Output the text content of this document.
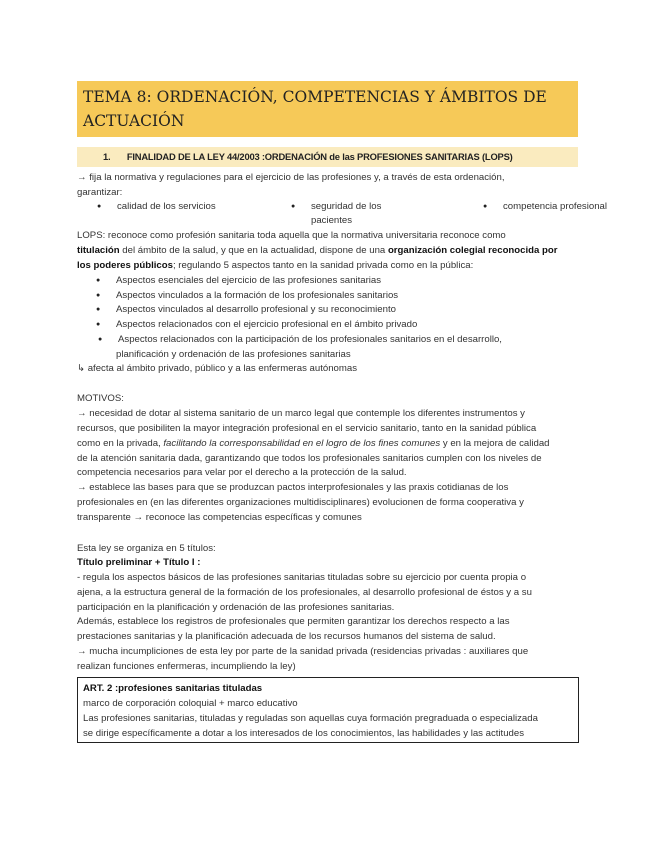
TEMA 8: ORDENACIÓN, COMPETENCIAS Y ÁMBITOS DE
ACTUACIÓN
1. FINALIDAD DE LA LEY 44/2003 :ORDENACIÓN de las PROFESIONES SANITARIAS (LOPS)
→ fija la normativa y regulaciones para el ejercicio de las profesiones y, a través de esta ordenación,
garantizar:
● calidad de los servicios
●	seguridad de los
pacientes
● competencia profesional
LOPS: reconoce como profesión sanitaria toda aquella que la normativa universitaria reconoce como
titulación del ámbito de la salud, y que en la actualidad, dispone de una organización colegial reconocida por
los poderes públicos; regulando 5 aspectos tanto en la sanidad privada como en la pública:
● Aspectos esenciales del ejercicio de las profesiones sanitarias
● Aspectos vinculados a la formación de los profesionales sanitarios
● Aspectos vinculados al desarrollo profesional y su reconocimiento
● Aspectos relacionados con el ejercicio profesional en el ámbito privado
● Aspectos relacionados con la participación de los profesionales sanitarios en el desarrollo,
planificación y ordenación de las profesiones sanitarias
↳ afecta al ámbito privado, público y a las enfermeras autónomas
MOTIVOS:
→ necesidad de dotar al sistema sanitario de un marco legal que contemple los diferentes instrumentos y
recursos, que posibiliten la mayor integración profesional en el servicio sanitario, tanto en la sanidad pública
como en la privada, facilitando la corresponsabilidad en el logro de los fines comunes y en la mejora de calidad
de la atención sanitaria dada, garantizando que todos los profesionales sanitarios cumplen con los niveles de
competencia necesarios para velar por el derecho a la protección de la salud.
→ establece las bases para que se produzcan pactos interprofesionales y las praxis cotidianas de los
profesionales en (en las diferentes organizaciones multidisciplinares) evolucionen de forma cooperativa y
transparente → reconoce las competencias específicas y comunes
Esta ley se organiza en 5 títulos:
Título preliminar + Título I :
- regula los aspectos básicos de las profesiones sanitarias tituladas sobre su ejercicio por cuenta propia o
ajena, a la estructura general de la formación de los profesionales, al desarrollo profesional de éstos y a su
participación en la planificación y ordenación de las profesiones sanitarias.
Además, establece los registros de profesionales que permiten garantizar los derechos respecto a las
prestaciones sanitarias y la planificación adecuada de los recursos humanos del sistema de salud.
→ mucha incumpliciones de esta ley por parte de la sanidad privada (residencias privadas : auxiliares que
realizan funciones enfermeras, incumpliendo la ley)
ART. 2 :profesiones sanitarias tituladas
marco de corporación coloquial + marco educativo
Las profesiones sanitarias, tituladas y reguladas son aquellas cuya formación pregraduada o especializada
se dirige específicamente a dotar a los interesados de los conocimientos, las habilidades y las actitudes
